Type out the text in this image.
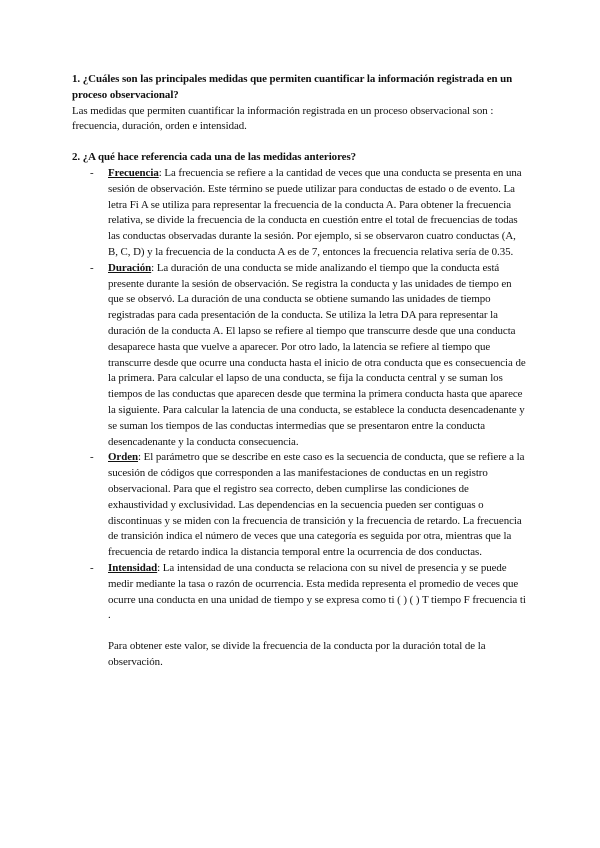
1. ¿Cuáles son las principales medidas que permiten cuantificar la información registrada en un proceso observacional?

Las medidas que permiten cuantificar la información registrada en un proceso observacional son : frecuencia, duración, orden e intensidad.

2. ¿A qué hace referencia cada una de las medidas anteriores?

- Frecuencia: La frecuencia se refiere a la cantidad de veces que una conducta se presenta en una sesión de observación. Este término se puede utilizar para conductas de estado o de evento. La letra Fi A se utiliza para representar la frecuencia de la conducta A. Para obtener la frecuencia relativa, se divide la frecuencia de la conducta en cuestión entre el total de frecuencias de todas las conductas observadas durante la sesión. Por ejemplo, si se observaron cuatro conductas (A, B, C, D) y la frecuencia de la conducta A es de 7, entonces la frecuencia relativa sería de 0.35.
- Duración: La duración de una conducta se mide analizando el tiempo que la conducta está presente durante la sesión de observación. Se registra la conducta y las unidades de tiempo en que se observó. La duración de una conducta se obtiene sumando las unidades de tiempo registradas para cada presentación de la conducta. Se utiliza la letra DA para representar la duración de la conducta A. El lapso se refiere al tiempo que transcurre desde que una conducta desaparece hasta que vuelve a aparecer. Por otro lado, la latencia se refiere al tiempo que transcurre desde que ocurre una conducta hasta el inicio de otra conducta que es consecuencia de la primera. Para calcular el lapso de una conducta, se fija la conducta central y se suman los tiempos de las conductas que aparecen desde que termina la primera conducta hasta que aparece la siguiente. Para calcular la latencia de una conducta, se establece la conducta desencadenante y se suman los tiempos de las conductas intermedias que se presentaron entre la conducta desencadenante y la conducta consecuencia.
- Orden: El parámetro que se describe en este caso es la secuencia de conducta, que se refiere a la sucesión de códigos que corresponden a las manifestaciones de conductas en un registro observacional. Para que el registro sea correcto, deben cumplirse las condiciones de exhaustividad y exclusividad. Las dependencias en la secuencia pueden ser contiguas o discontinuas y se miden con la frecuencia de transición y la frecuencia de retardo. La frecuencia de transición indica el número de veces que una categoría es seguida por otra, mientras que la frecuencia de retardo indica la distancia temporal entre la ocurrencia de dos conductas.
- Intensidad: La intensidad de una conducta se relaciona con su nivel de presencia y se puede medir mediante la tasa o razón de ocurrencia. Esta medida representa el promedio de veces que ocurre una conducta en una unidad de tiempo y se expresa como ti ( ) ( ) T tiempo F frecuencia ti .

Para obtener este valor, se divide la frecuencia de la conducta por la duración total de la observación.
